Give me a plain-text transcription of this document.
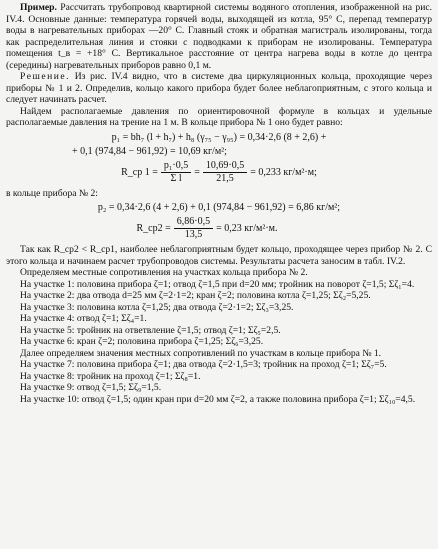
Пример. Рассчитать трубопровод квартирной системы водяного отопления, изображенной на рис. IV.4. Основные данные: температура горячей воды, выходящей из котла, 95° С, перепад температур воды в нагревательных приборах —20° С. Главный стояк и обратная магистраль изолированы, тогда как распределительная линия и стояки с подводками к приборам не изолированы. Температура помещения t_в = +18° С. Вертикальное расстояние от центра нагрева воды в котле до центра (середины) нагревательных приборов равно 0,1 м.

Решение. Из рис. IV.4 видно, что в системе два циркуляционных кольца, проходящие через приборы № 1 и 2. Определив, кольцо какого прибора будет более неблагоприятным, с этого кольца и следует начинать расчет.

Найдем располагаемые давления по ориентировочной формуле в кольцах и удельные располагаемые давления на трение на 1 м. В кольце прибора № 1 оно будет равно:

p₁ = bh₇ (l + h₇) + h₈ (γ₇₅ − γ₉₅) = 0,34·2,6 (8 + 2,6) +
+ 0,1 (974,84 − 961,92) = 10,69 кг/м²;
R_ср $1 = \frac{\text{p₁·0,5}}{\text{Σ l}} = \frac{10,69\cdot 0,5}{21,5} = 0,233$ кг/м²·м;

в кольце прибора № 2:

p₂ = 0,34·2,6 (4 + 2,6) + 0,1 (974,84 − 961,92) = 6,86 кг/м²;
R_ср2 = $\frac{6,86\cdot 0,5}{13,5} = 0,23$ кг/м²·м.

Так как R_ср2 < R_ср1, наиболее неблагоприятным будет кольцо, проходящее через прибор № 2. С этого кольца и начинаем расчет трубопроводов системы. Результаты расчета заносим в табл. IV.2.

Определяем местные сопротивления на участках кольца прибора № 2.

На участке 1: половина прибора ζ=1; отвод ζ=1,5 при d=20 мм; тройник на поворот ζ=1,5; Σζ₁=4.

На участке 2: два отвода d=25 мм ζ=2·1=2; кран ζ=2; половина котла ζ=1,25; Σζ₂=5,25.

На участке 3: половина котла ζ=1,25; два отвода ζ=2·1=2; Σζ₃=3,25.

На участке 4: отвод ζ=1; Σζ₄=1.

На участке 5: тройник на ответвление ζ=1,5; отвод ζ=1; Σζ₅=2,5.

На участке 6: кран ζ=2; половина прибора ζ=1,25; Σζ₆=3,25.

Далее определяем значения местных сопротивлений по участкам в кольце прибора № 1.

На участке 7: половина прибора ζ=1; два отвода ζ=2·1,5=3; тройник на проход ζ=1; Σζ₇=5.

На участке 8: тройник на проход ζ=1; Σζ₈=1.

На участке 9: отвод ζ=1,5; Σζ₉=1,5.

На участке 10: отвод ζ=1,5; один кран при d=20 мм ζ=2, а также половина прибора ζ=1; Σζ₁₀=4,5.
